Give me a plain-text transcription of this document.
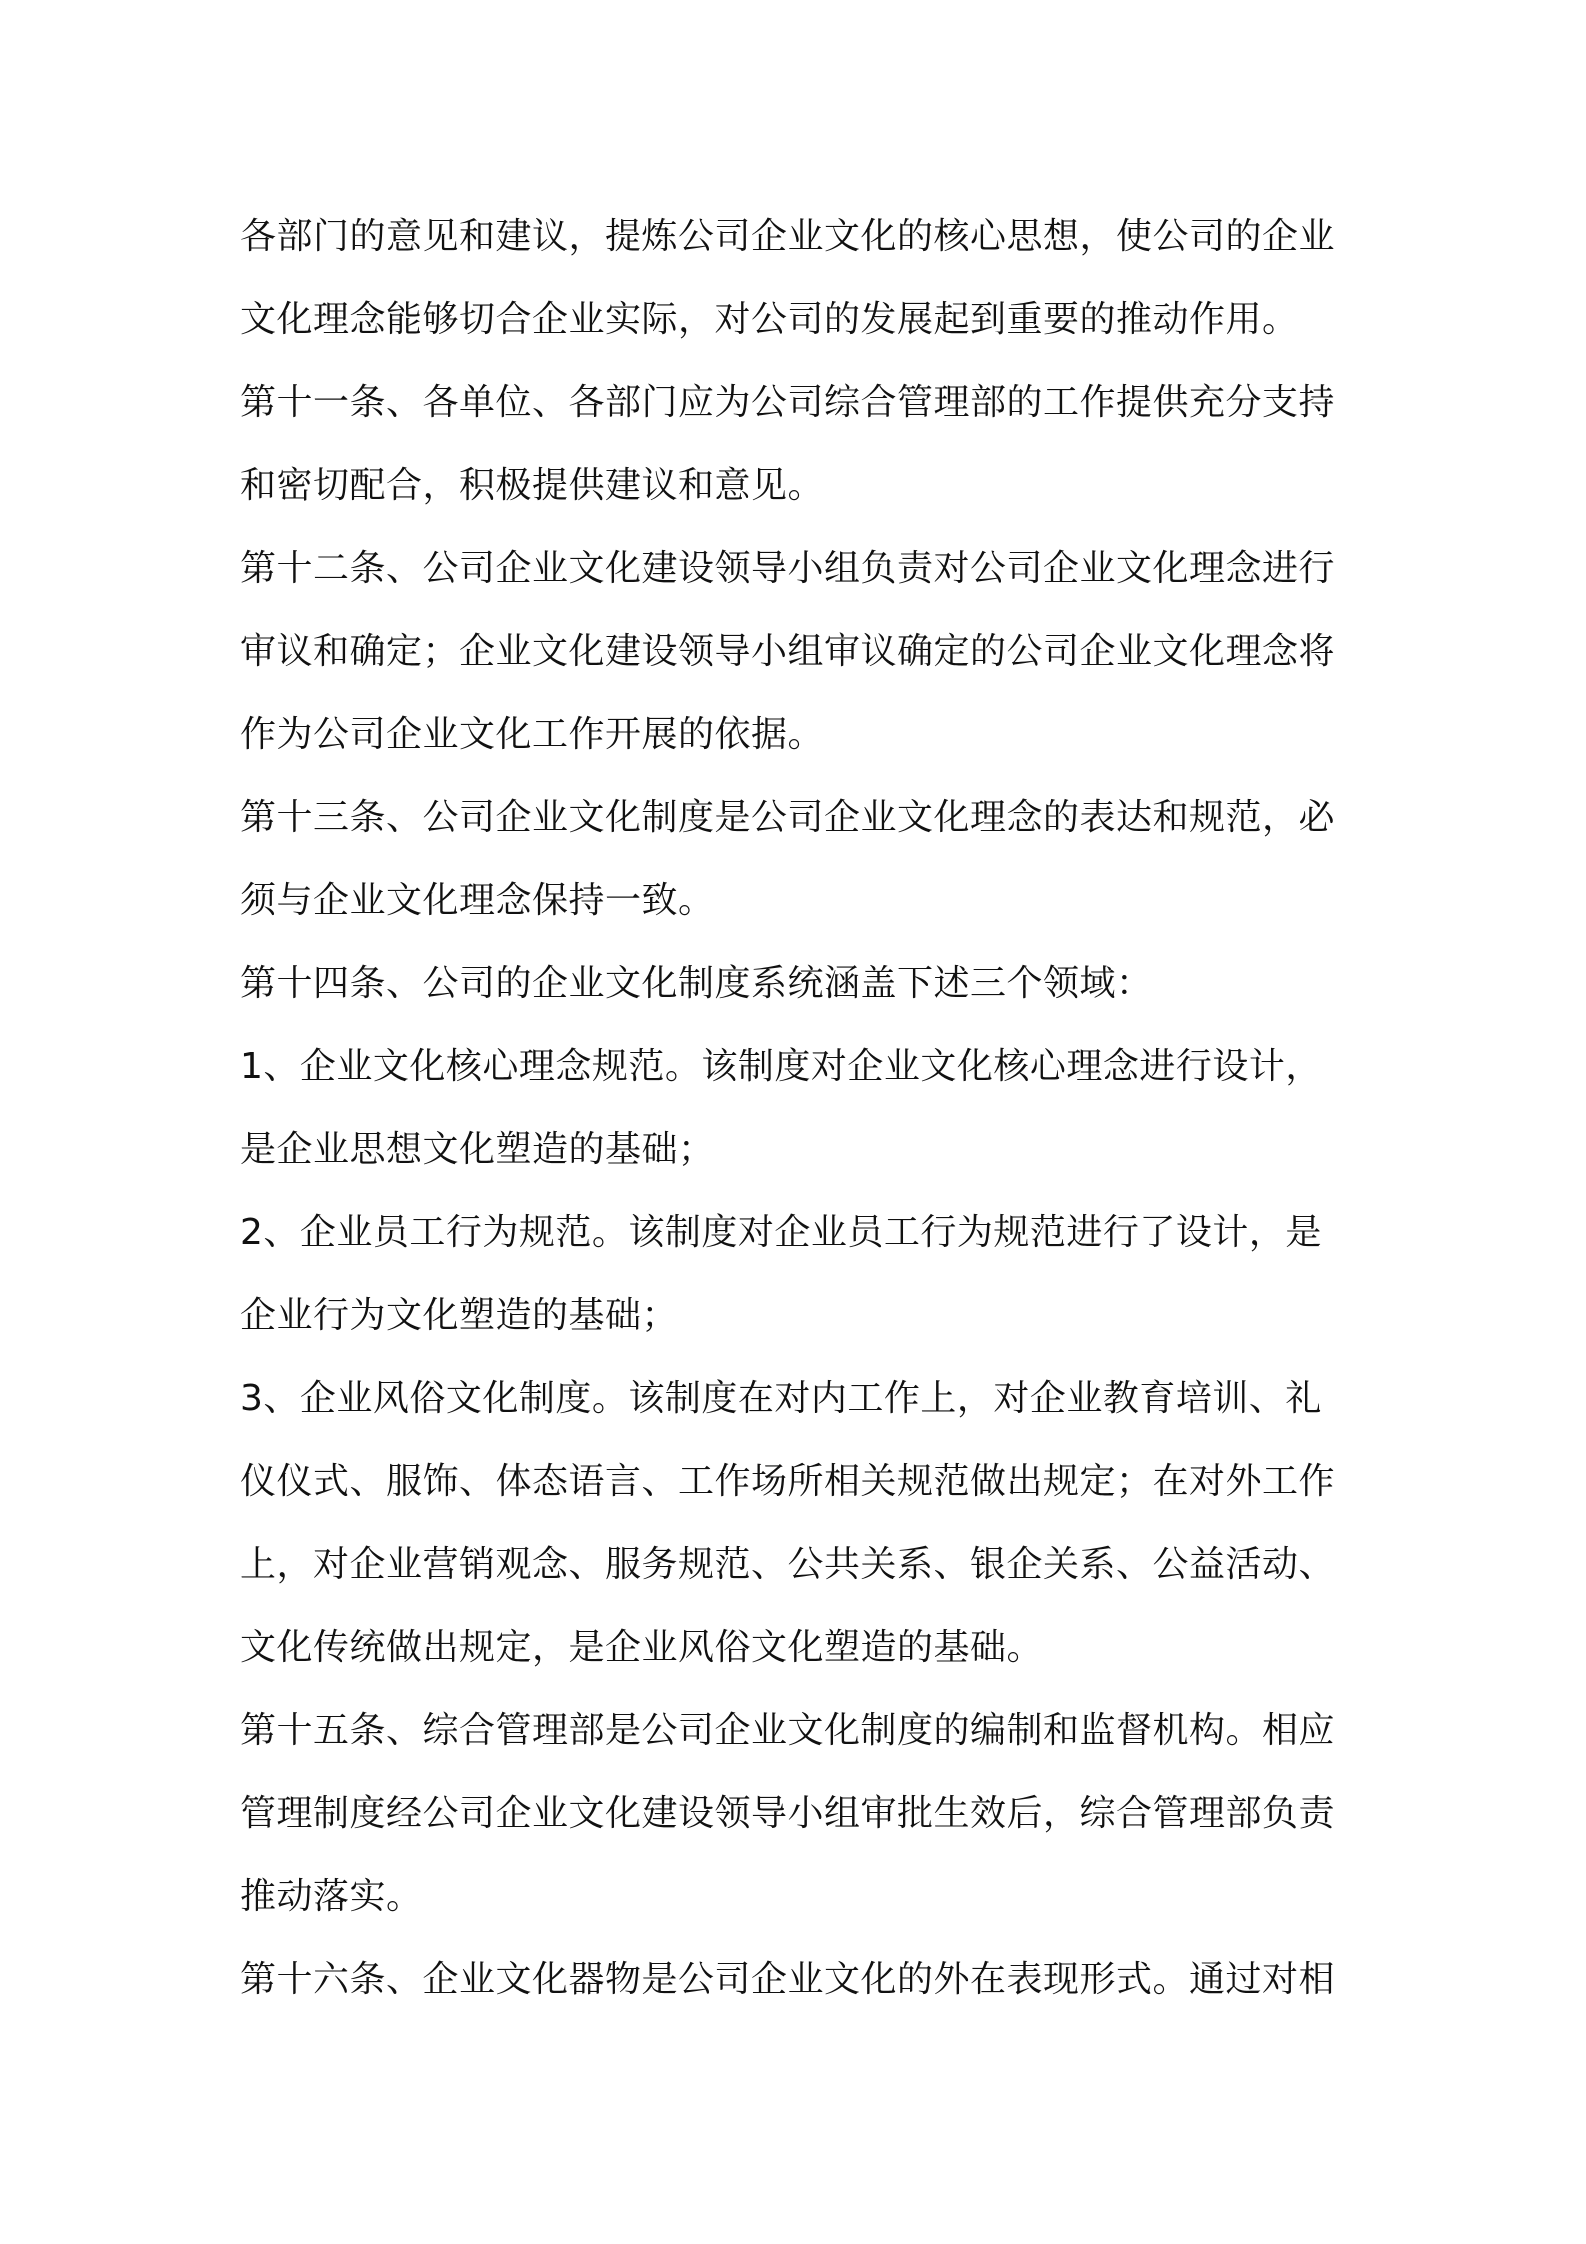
各部门的意见和建议，提炼公司企业文化的核心思想，使公司的企业

文化理念能够切合企业实际，对公司的发展起到重要的推动作用。

第十一条、各单位、各部门应为公司综合管理部的工作提供充分支持

和密切配合，积极提供建议和意见。

第十二条、公司企业文化建设领导小组负责对公司企业文化理念进行

审议和确定；企业文化建设领导小组审议确定的公司企业文化理念将

作为公司企业文化工作开展的依据。

第十三条、公司企业文化制度是公司企业文化理念的表达和规范，必

须与企业文化理念保持一致。

第十四条、公司的企业文化制度系统涵盖下述三个领域：

1、企业文化核心理念规范。该制度对企业文化核心理念进行设计，

是企业思想文化塑造的基础；

2、企业员工行为规范。该制度对企业员工行为规范进行了设计，是

企业行为文化塑造的基础；

3、企业风俗文化制度。该制度在对内工作上，对企业教育培训、礼

仪仪式、服饰、体态语言、工作场所相关规范做出规定；在对外工作

上，对企业营销观念、服务规范、公共关系、银企关系、公益活动、

文化传统做出规定，是企业风俗文化塑造的基础。

第十五条、综合管理部是公司企业文化制度的编制和监督机构。相应

管理制度经公司企业文化建设领导小组审批生效后，综合管理部负责

推动落实。

第十六条、企业文化器物是公司企业文化的外在表现形式。通过对相
